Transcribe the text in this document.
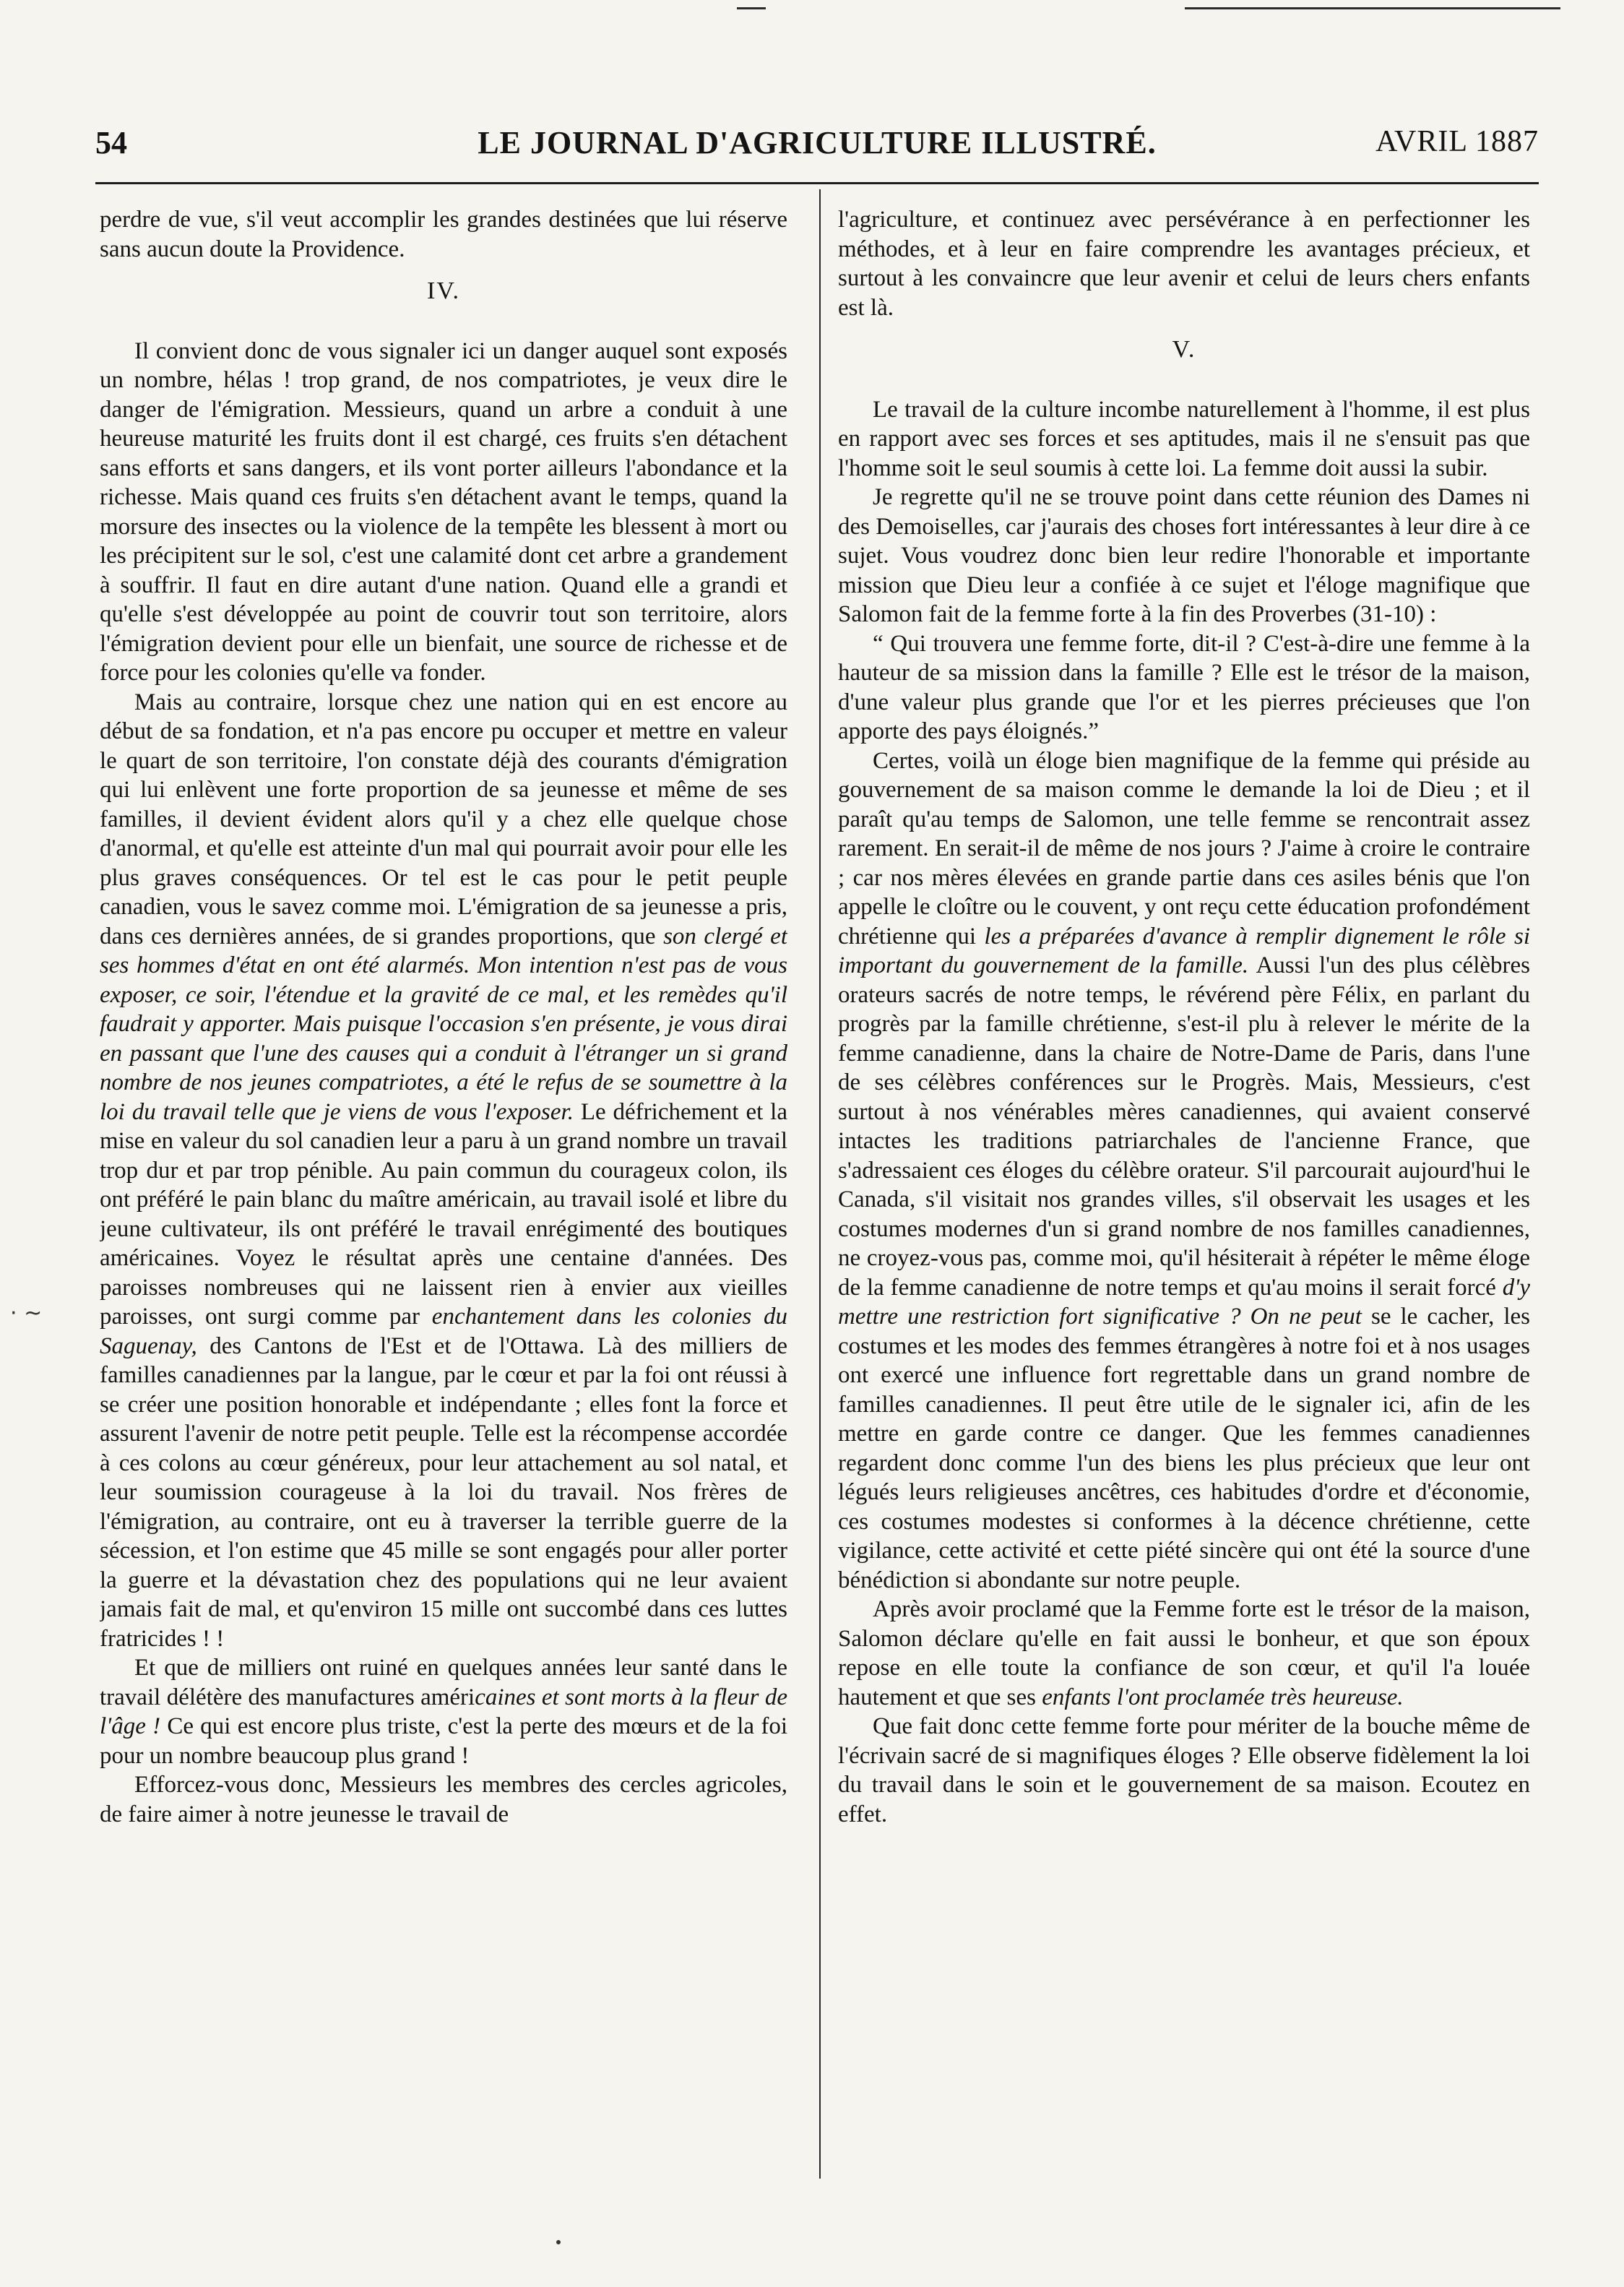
54	LE JOURNAL D'AGRICULTURE ILLUSTRÉ.	AVRIL 1887

perdre de vue, s'il veut accomplir les grandes destinées que lui réserve sans aucun doute la Providence.

IV.

Il convient donc de vous signaler ici un danger auquel sont exposés un nombre, hélas ! trop grand, de nos compatriotes, je veux dire le danger de l'émigration. Messieurs, quand un arbre a conduit à une heureuse maturité les fruits dont il est chargé, ces fruits s'en détachent sans efforts et sans dangers, et ils vont porter ailleurs l'abondance et la richesse. Mais quand ces fruits s'en détachent avant le temps, quand la morsure des insectes ou la violence de la tempête les blessent à mort ou les précipitent sur le sol, c'est une calamité dont cet arbre a grandement à souffrir. Il faut en dire autant d'une nation. Quand elle a grandi et qu'elle s'est développée au point de couvrir tout son territoire, alors l'émigration devient pour elle un bienfait, une source de richesse et de force pour les colonies qu'elle va fonder.

Mais au contraire, lorsque chez une nation qui en est encore au début de sa fondation, et n'a pas encore pu occuper et mettre en valeur le quart de son territoire, l'on constate déjà des courants d'émigration qui lui enlèvent une forte proportion de sa jeunesse et même de ses familles, il devient évident alors qu'il y a chez elle quelque chose d'anormal, et qu'elle est atteinte d'un mal qui pourrait avoir pour elle les plus graves conséquences. Or tel est le cas pour le petit peuple canadien, vous le savez comme moi. L'émigration de sa jeunesse a pris, dans ces dernières années, de si grandes proportions, que son clergé et ses hommes d'état en ont été alarmés. Mon intention n'est pas de vous exposer, ce soir, l'étendue et la gravité de ce mal, et les remèdes qu'il faudrait y apporter. Mais puisque l'occasion s'en présente, je vous dirai en passant que l'une des causes qui a conduit à l'étranger un si grand nombre de nos jeunes compatriotes, a été le refus de se soumettre à la loi du travail telle que je viens de vous l'exposer. Le défrichement et la mise en valeur du sol canadien leur a paru à un grand nombre un travail trop dur et par trop pénible. Au pain commun du courageux colon, ils ont préféré le pain blanc du maître américain, au travail isolé et libre du jeune cultivateur, ils ont préféré le travail enrégimenté des boutiques américaines. Voyez le résultat après une centaine d'années. Des paroisses nombreuses qui ne laissent rien à envier aux vieilles paroisses, ont surgi comme par enchantement dans les colonies du Saguenay, des Cantons de l'Est et de l'Ottawa. Là des milliers de familles canadiennes par la langue, par le cœur et par la foi ont réussi à se créer une position honorable et indépendante ; elles font la force et assurent l'avenir de notre petit peuple. Telle est la récompense accordée à ces colons au cœur généreux, pour leur attachement au sol natal, et leur soumission courageuse à la loi du travail. Nos frères de l'émigration, au contraire, ont eu à traverser la terrible guerre de la sécession, et l'on estime que 45 mille se sont engagés pour aller porter la guerre et la dévastation chez des populations qui ne leur avaient jamais fait de mal, et qu'environ 15 mille ont succombé dans ces luttes fratricides ! !

Et que de milliers ont ruiné en quelques années leur santé dans le travail délétère des manufactures américaines et sont morts à la fleur de l'âge ! Ce qui est encore plus triste, c'est la perte des mœurs et de la foi pour un nombre beaucoup plus grand !

Efforcez-vous donc, Messieurs les membres des cercles agricoles, de faire aimer à notre jeunesse le travail de

l'agriculture, et continuez avec persévérance à en perfectionner les méthodes, et à leur en faire comprendre les avantages précieux, et surtout à les convaincre que leur avenir et celui de leurs chers enfants est là.

V.

Le travail de la culture incombe naturellement à l'homme, il est plus en rapport avec ses forces et ses aptitudes, mais il ne s'ensuit pas que l'homme soit le seul soumis à cette loi. La femme doit aussi la subir.

Je regrette qu'il ne se trouve point dans cette réunion des Dames ni des Demoiselles, car j'aurais des choses fort intéressantes à leur dire à ce sujet. Vous voudrez donc bien leur redire l'honorable et importante mission que Dieu leur a confiée à ce sujet et l'éloge magnifique que Salomon fait de la femme forte à la fin des Proverbes (31-10) :

“ Qui trouvera une femme forte, dit-il ? C'est-à-dire une femme à la hauteur de sa mission dans la famille ? Elle est le trésor de la maison, d'une valeur plus grande que l'or et les pierres précieuses que l'on apporte des pays éloignés.”

Certes, voilà un éloge bien magnifique de la femme qui préside au gouvernement de sa maison comme le demande la loi de Dieu ; et il paraît qu'au temps de Salomon, une telle femme se rencontrait assez rarement. En serait-il de même de nos jours ? J'aime à croire le contraire ; car nos mères élevées en grande partie dans ces asiles bénis que l'on appelle le cloître ou le couvent, y ont reçu cette éducation profondément chrétienne qui les a préparées d'avance à remplir dignement le rôle si important du gouvernement de la famille. Aussi l'un des plus célèbres orateurs sacrés de notre temps, le révérend père Félix, en parlant du progrès par la famille chrétienne, s'est-il plu à relever le mérite de la femme canadienne, dans la chaire de Notre-Dame de Paris, dans l'une de ses célèbres conférences sur le Progrès. Mais, Messieurs, c'est surtout à nos vénérables mères canadiennes, qui avaient conservé intactes les traditions patriarchales de l'ancienne France, que s'adressaient ces éloges du célèbre orateur. S'il parcourait aujourd'hui le Canada, s'il visitait nos grandes villes, s'il observait les usages et les costumes modernes d'un si grand nombre de nos familles canadiennes, ne croyez-vous pas, comme moi, qu'il hésiterait à répéter le même éloge de la femme canadienne de notre temps et qu'au moins il serait forcé d'y mettre une restriction fort significative ? On ne peut se le cacher, les costumes et les modes des femmes étrangères à notre foi et à nos usages ont exercé une influence fort regrettable dans un grand nombre de familles canadiennes. Il peut être utile de le signaler ici, afin de les mettre en garde contre ce danger. Que les femmes canadiennes regardent donc comme l'un des biens les plus précieux que leur ont légués leurs religieuses ancêtres, ces habitudes d'ordre et d'économie, ces costumes modestes si conformes à la décence chrétienne, cette vigilance, cette activité et cette piété sincère qui ont été la source d'une bénédiction si abondante sur notre peuple.

Après avoir proclamé que la Femme forte est le trésor de la maison, Salomon déclare qu'elle en fait aussi le bonheur, et que son époux repose en elle toute la confiance de son cœur, et qu'il l'a louée hautement et que ses enfants l'ont proclamée très heureuse.

Que fait donc cette femme forte pour mériter de la bouche même de l'écrivain sacré de si magnifiques éloges ? Elle observe fidèlement la loi du travail dans le soin et le gouvernement de sa maison. Ecoutez en effet.

· ~
